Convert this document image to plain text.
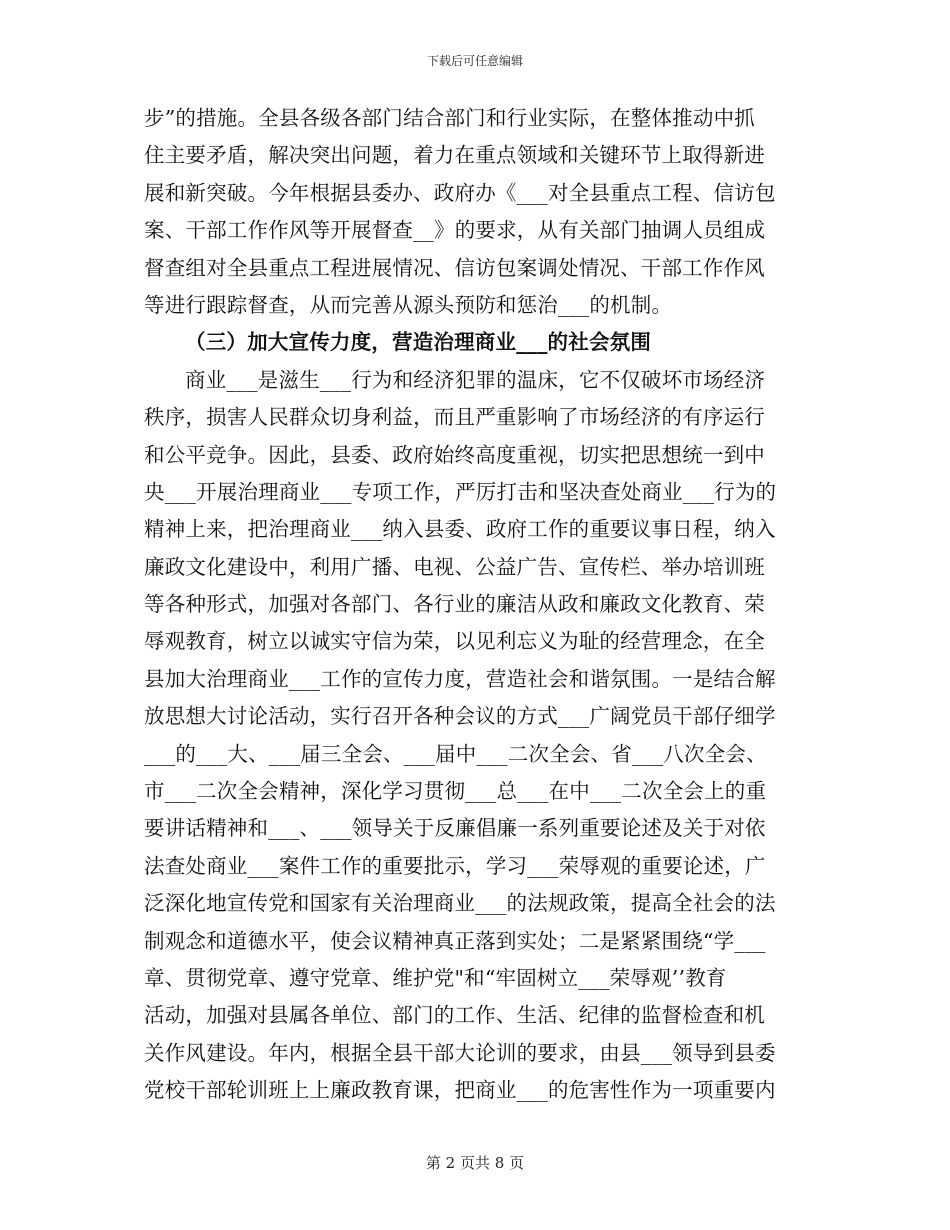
下载后可任意编辑
步”的措施。全县各级各部门结合部门和行业实际，在整体推动中抓
住主要矛盾，解决突出问题，着力在重点领域和关键环节上取得新进
展和新突破。今年根据县委办、政府办《___对全县重点工程、信访包
案、干部工作作风等开展督查__》的要求，从有关部门抽调人员组成
督查组对全县重点工程进展情况、信访包案调处情况、干部工作作风
等进行跟踪督查，从而完善从源头预防和惩治___的机制。
（三）加大宣传力度，营造治理商业___的社会氛围
商业___是滋生___行为和经济犯罪的温床，它不仅破坏市场经济
秩序，损害人民群众切身利益，而且严重影响了市场经济的有序运行
和公平竞争。因此，县委、政府始终高度重视，切实把思想统一到中
央___开展治理商业___专项工作，严厉打击和坚决查处商业___行为的
精神上来，把治理商业___纳入县委、政府工作的重要议事日程，纳入
廉政文化建设中，利用广播、电视、公益广告、宣传栏、举办培训班
等各种形式，加强对各部门、各行业的廉洁从政和廉政文化教育、荣
辱观教育，树立以诚实守信为荣，以见利忘义为耻的经营理念，在全
县加大治理商业___工作的宣传力度，营造社会和谐氛围。一是结合解
放思想大讨论活动，实行召开各种会议的方式___广阔党员干部仔细学
___的___大、___届三全会、___届中___二次全会、省___八次全会、
市___二次全会精神，深化学习贯彻___总___在中___二次全会上的重
要讲话精神和___、___领导关于反廉倡廉一系列重要论述及关于对依
法查处商业___案件工作的重要批示，学习___荣辱观的重要论述，广
泛深化地宣传党和国家有关治理商业___的法规政策，提高全社会的法
制观念和道德水平，使会议精神真正落到实处；二是紧紧围绕“学___
章、贯彻党章、遵守党章、维护党"和“牢固树立___荣辱观’’教育
活动，加强对县属各单位、部门的工作、生活、纪律的监督检查和机
关作风建设。年内，根据全县干部大论训的要求，由县___领导到县委
党校干部轮训班上上廉政教育课，把商业___的危害性作为一项重要内
第 2 页共 8 页
